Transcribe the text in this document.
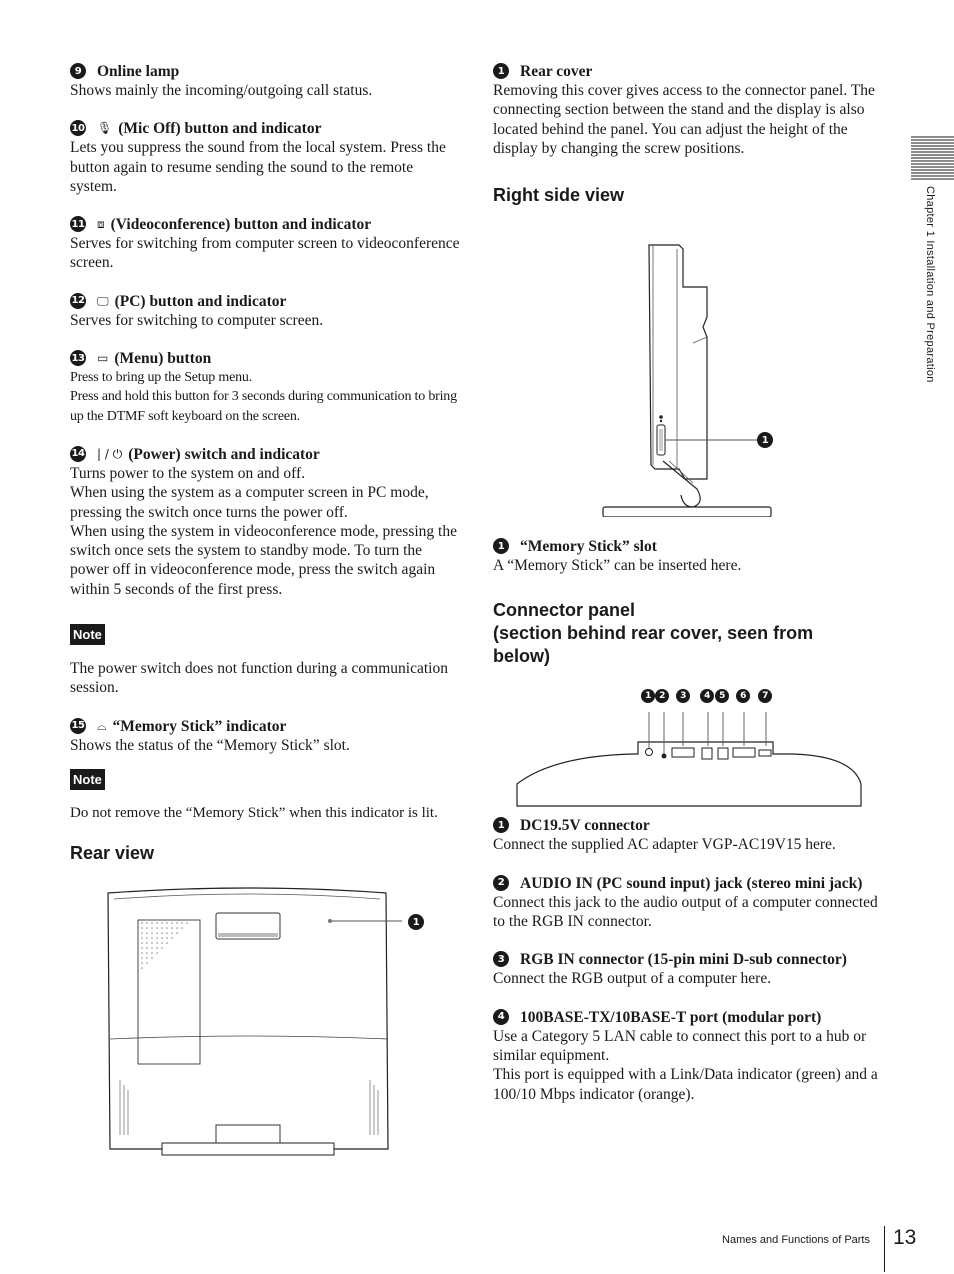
9	Online lamp
Shows mainly the incoming/outgoing call status.
10 🎙 (Mic Off) button and indicator
Lets you suppress the sound from the local system. Press the button again to resume sending the sound to the remote system.
11 ⧈ (Videoconference) button and indicator
Serves for switching from computer screen to videoconference screen.
12 🖵 (PC) button and indicator
Serves for switching to computer screen.
13 ▭ (Menu) button
Press to bring up the Setup menu.
Press and hold this button for 3 seconds during communication to bring up the DTMF soft keyboard on the screen.
14 | / ⏻ (Power) switch and indicator
Turns power to the system on and off.
When using the system as a computer screen in PC mode, pressing the switch once turns the power off.
When using the system in videoconference mode, pressing the switch once sets the system to standby mode. To turn the power off in videoconference mode, press the switch again within 5 seconds of the first press.
Note
The power switch does not function during a communication session.
15 ⌓ “Memory Stick” indicator
Shows the status of the “Memory Stick” slot.
Note
Do not remove the “Memory Stick” when this indicator is lit.
Rear view
1
1	Rear cover
Removing this cover gives access to the connector panel. The connecting section between the stand and the display is also located behind the panel. You can adjust the height of the display by changing the screw positions.
Right side view
1
1	“Memory Stick” slot
A “Memory Stick” can be inserted here.
Connector panel
(section behind rear cover, seen from
below)
1 2	3	4	5	6	7
1	DC19.5V connector
Connect the supplied AC adapter VGP-AC19V15 here.
2	AUDIO IN (PC sound input) jack (stereo mini jack)
Connect this jack to the audio output of a computer connected to the RGB IN connector.
3	RGB IN connector (15-pin mini D-sub connector)
Connect the RGB output of a computer here.
4	100BASE-TX/10BASE-T port (modular port)
Use a Category 5 LAN cable to connect this port to a hub or similar equipment.
This port is equipped with a Link/Data indicator (green) and a 100/10 Mbps indicator (orange).
Chapter 1 Installation and Preparation
Names and Functions of Parts 13
